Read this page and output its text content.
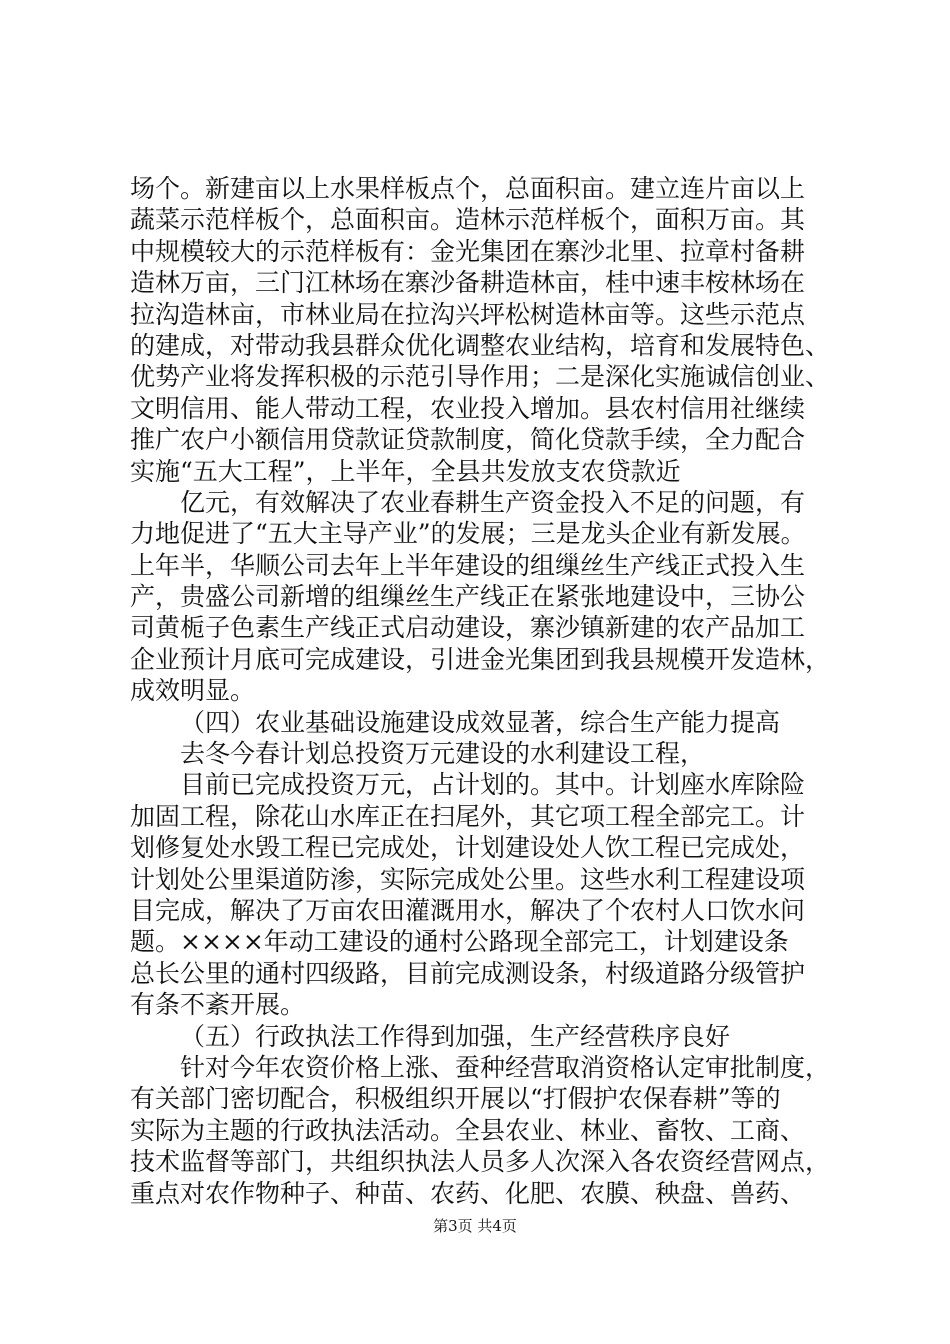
场个。新建亩以上水果样板点个，总面积亩。建立连片亩以上
蔬菜示范样板个，总面积亩。造林示范样板个，面积万亩。其
中规模较大的示范样板有：金光集团在寨沙北里、拉章村备耕
造林万亩，三门江林场在寨沙备耕造林亩，桂中速丰桉林场在
拉沟造林亩，市林业局在拉沟兴坪松树造林亩等。这些示范点
的建成，对带动我县群众优化调整农业结构，培育和发展特色、
优势产业将发挥积极的示范引导作用；二是深化实施诚信创业、
文明信用、能人带动工程，农业投入增加。县农村信用社继续
推广农户小额信用贷款证贷款制度，简化贷款手续，全力配合
实施“五大工程”，上半年，全县共发放支农贷款近
亿元，有效解决了农业春耕生产资金投入不足的问题，有
力地促进了“五大主导产业”的发展；三是龙头企业有新发展。
上年半，华顺公司去年上半年建设的组缫丝生产线正式投入生
产，贵盛公司新增的组缫丝生产线正在紧张地建设中，三协公
司黄栀子色素生产线正式启动建设，寨沙镇新建的农产品加工
企业预计月底可完成建设，引进金光集团到我县规模开发造林，
成效明显。
（四）农业基础设施建设成效显著，综合生产能力提高
去冬今春计划总投资万元建设的水利建设工程，
目前已完成投资万元，占计划的。其中。计划座水库除险
加固工程，除花山水库正在扫尾外，其它项工程全部完工。计
划修复处水毁工程已完成处，计划建设处人饮工程已完成处，
计划处公里渠道防渗，实际完成处公里。这些水利工程建设项
目完成，解决了万亩农田灌溉用水，解决了个农村人口饮水问
题。××××年动工建设的通村公路现全部完工，计划建设条
总长公里的通村四级路，目前完成测设条，村级道路分级管护
有条不紊开展。
（五）行政执法工作得到加强，生产经营秩序良好
针对今年农资价格上涨、蚕种经营取消资格认定审批制度，
有关部门密切配合，积极组织开展以“打假护农保春耕”等的
实际为主题的行政执法活动。全县农业、林业、畜牧、工商、
技术监督等部门，共组织执法人员多人次深入各农资经营网点，
重点对农作物种子、种苗、农药、化肥、农膜、秧盘、兽药、
第3页 共4页
